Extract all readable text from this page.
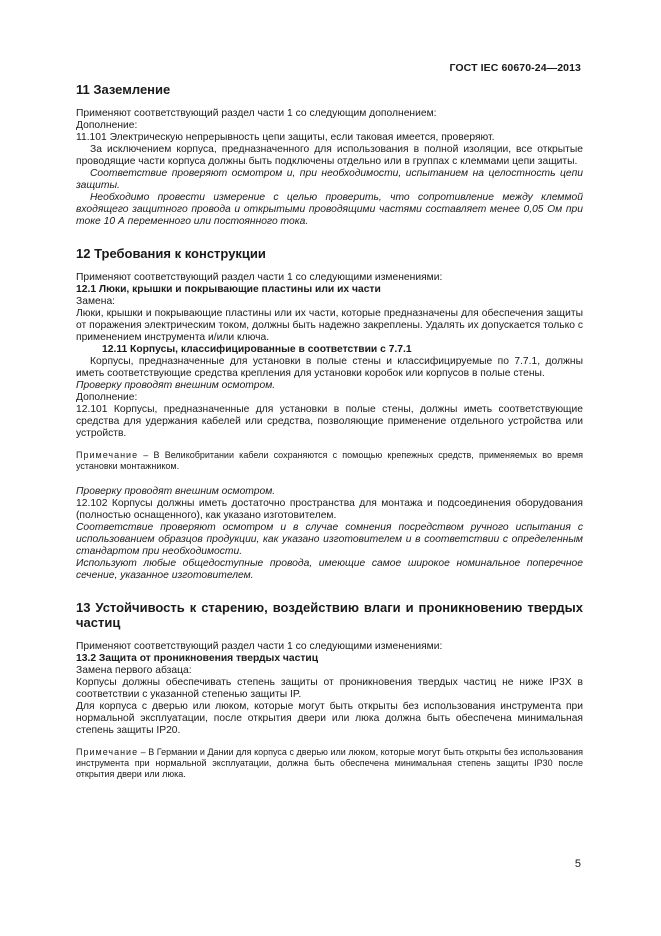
ГОСТ IEC 60670-24—2013
11 Заземление

Применяют соответствующий раздел части 1 со следующим дополнением:

Дополнение:

11.101 Электрическую непрерывность цепи защиты, если таковая имеется, проверяют.

За исключением корпуса, предназначенного для использования в полной изоляции, все открытые проводящие части корпуса должны быть подключены отдельно или в группах с клеммами цепи защиты.

Соответствие проверяют осмотром и, при необходимости, испытанием на целостность цепи защиты.

Необходимо провести измерение с целью проверить, что сопротивление между клеммой входящего защитного провода и открытыми проводящими частями составляет менее 0,05 Ом при токе 10 А переменного или постоянного тока.

12 Требования к конструкции

Применяют соответствующий раздел части 1 со следующими изменениями:

12.1 Люки, крышки и покрывающие пластины или их части

Замена:

Люки, крышки и покрывающие пластины или их части, которые предназначены для обеспечения защиты от поражения электрическим током, должны быть надежно закреплены. Удалять их допускается только с применением инструмента и/или ключа.

12.11 Корпусы, классифицированные в соответствии с 7.7.1

Корпусы, предназначенные для установки в полые стены и классифицируемые по 7.7.1, должны иметь соответствующие средства крепления для установки коробок или корпусов в полые стены.

Проверку проводят внешним осмотром.

Дополнение:

12.101 Корпусы, предназначенные для установки в полые стены, должны иметь соответствующие средства для удержания кабелей или средства, позволяющие применение отдельного устройства или устройств.

Примечание – В Великобритании кабели сохраняются с помощью крепежных средств, применяемых во время установки монтажником.

Проверку проводят внешним осмотром.

12.102 Корпусы должны иметь достаточно пространства для монтажа и подсоединения оборудования (полностью оснащенного), как указано изготовителем.

Соответствие проверяют осмотром и в случае сомнения посредством ручного испытания с использованием образцов продукции, как указано изготовителем и в соответствии с определенным стандартом при необходимости.

Используют любые общедоступные провода, имеющие самое широкое номинальное поперечное сечение, указанное изготовителем.

13 Устойчивость к старению, воздействию влаги и проникновению твердых частиц

Применяют соответствующий раздел части 1 со следующими изменениями:

13.2 Защита от проникновения твердых частиц

Замена первого абзаца:

Корпусы должны обеспечивать степень защиты от проникновения твердых частиц не ниже IP3X в соответствии с указанной степенью защиты IP.

Для корпуса с дверью или люком, которые могут быть открыты без использования инструмента при нормальной эксплуатации, после открытия двери или люка должна быть обеспечена минимальная степень защиты IP20.

Примечание – В Германии и Дании для корпуса с дверью или люком, которые могут быть открыты без использования инструмента при нормальной эксплуатации, должна быть обеспечена минимальная степень защиты IP30 после открытия двери или люка.

5
